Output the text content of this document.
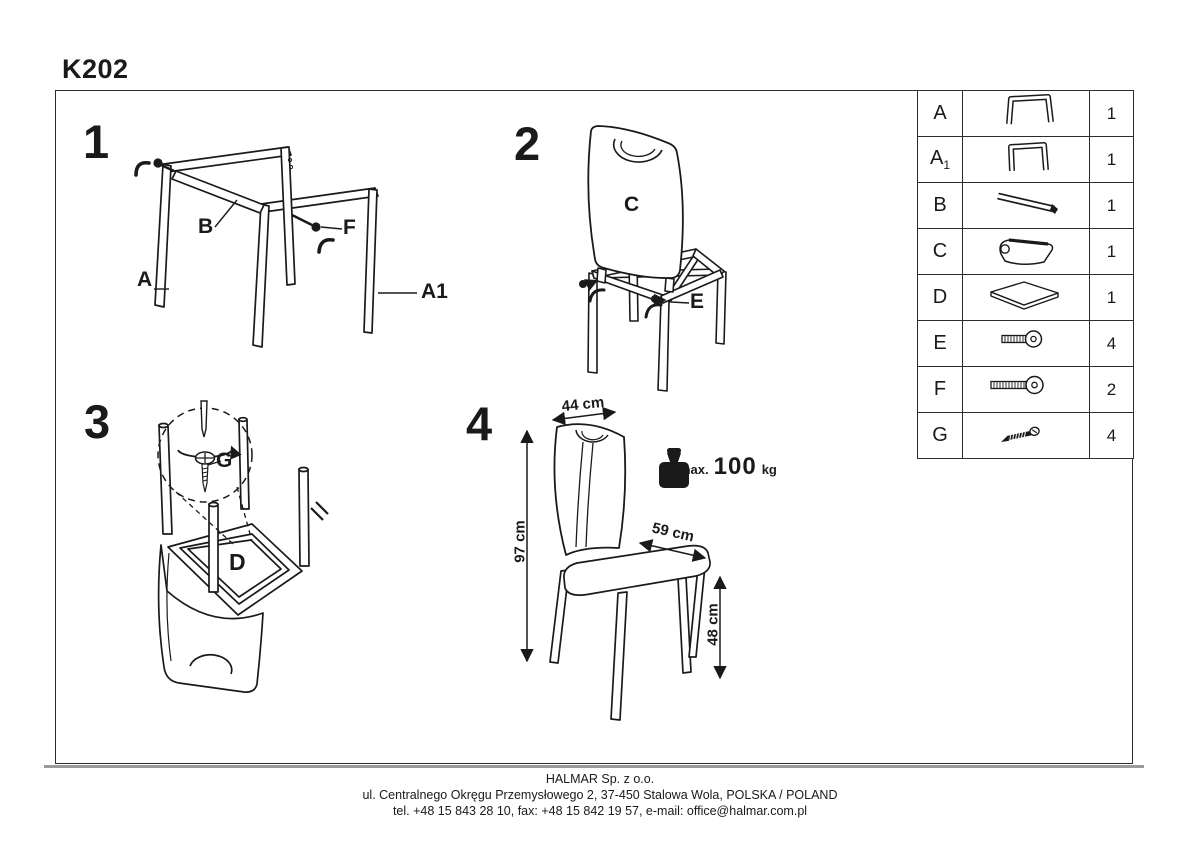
K202
1
B	F
A
A1
2
C
E
3
G
D
4	44 cm
97 cm	59 cm
48 cm
max. 100 kg
A		1
$A_1$		1
B		1
C		1
D		1
E		4
F		2
G		4
HALMAR Sp. z o.o.
ul. Centralnego Okręgu Przemysłowego 2, 37-450 Stalowa Wola, POLSKA / POLAND
tel. +48 15 843 28 10, fax: +48 15 842 19 57, e-mail: office@halmar.com.pl
